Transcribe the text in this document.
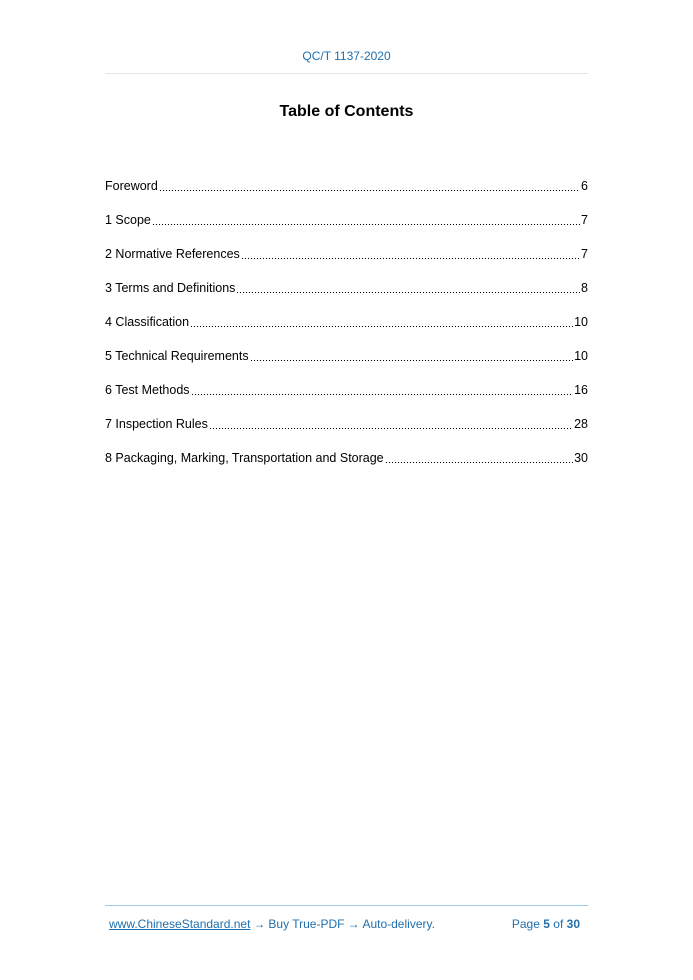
QC/T 1137-2020
Table of Contents
Foreword	6
1 Scope	7
2 Normative References	7
3 Terms and Definitions	8
4 Classification	10
5 Technical Requirements	10
6 Test Methods	16
7 Inspection Rules	28
8 Packaging, Marking, Transportation and Storage	30
www.ChineseStandard.net → Buy True-PDF → Auto-delivery.	Page 5 of 30
